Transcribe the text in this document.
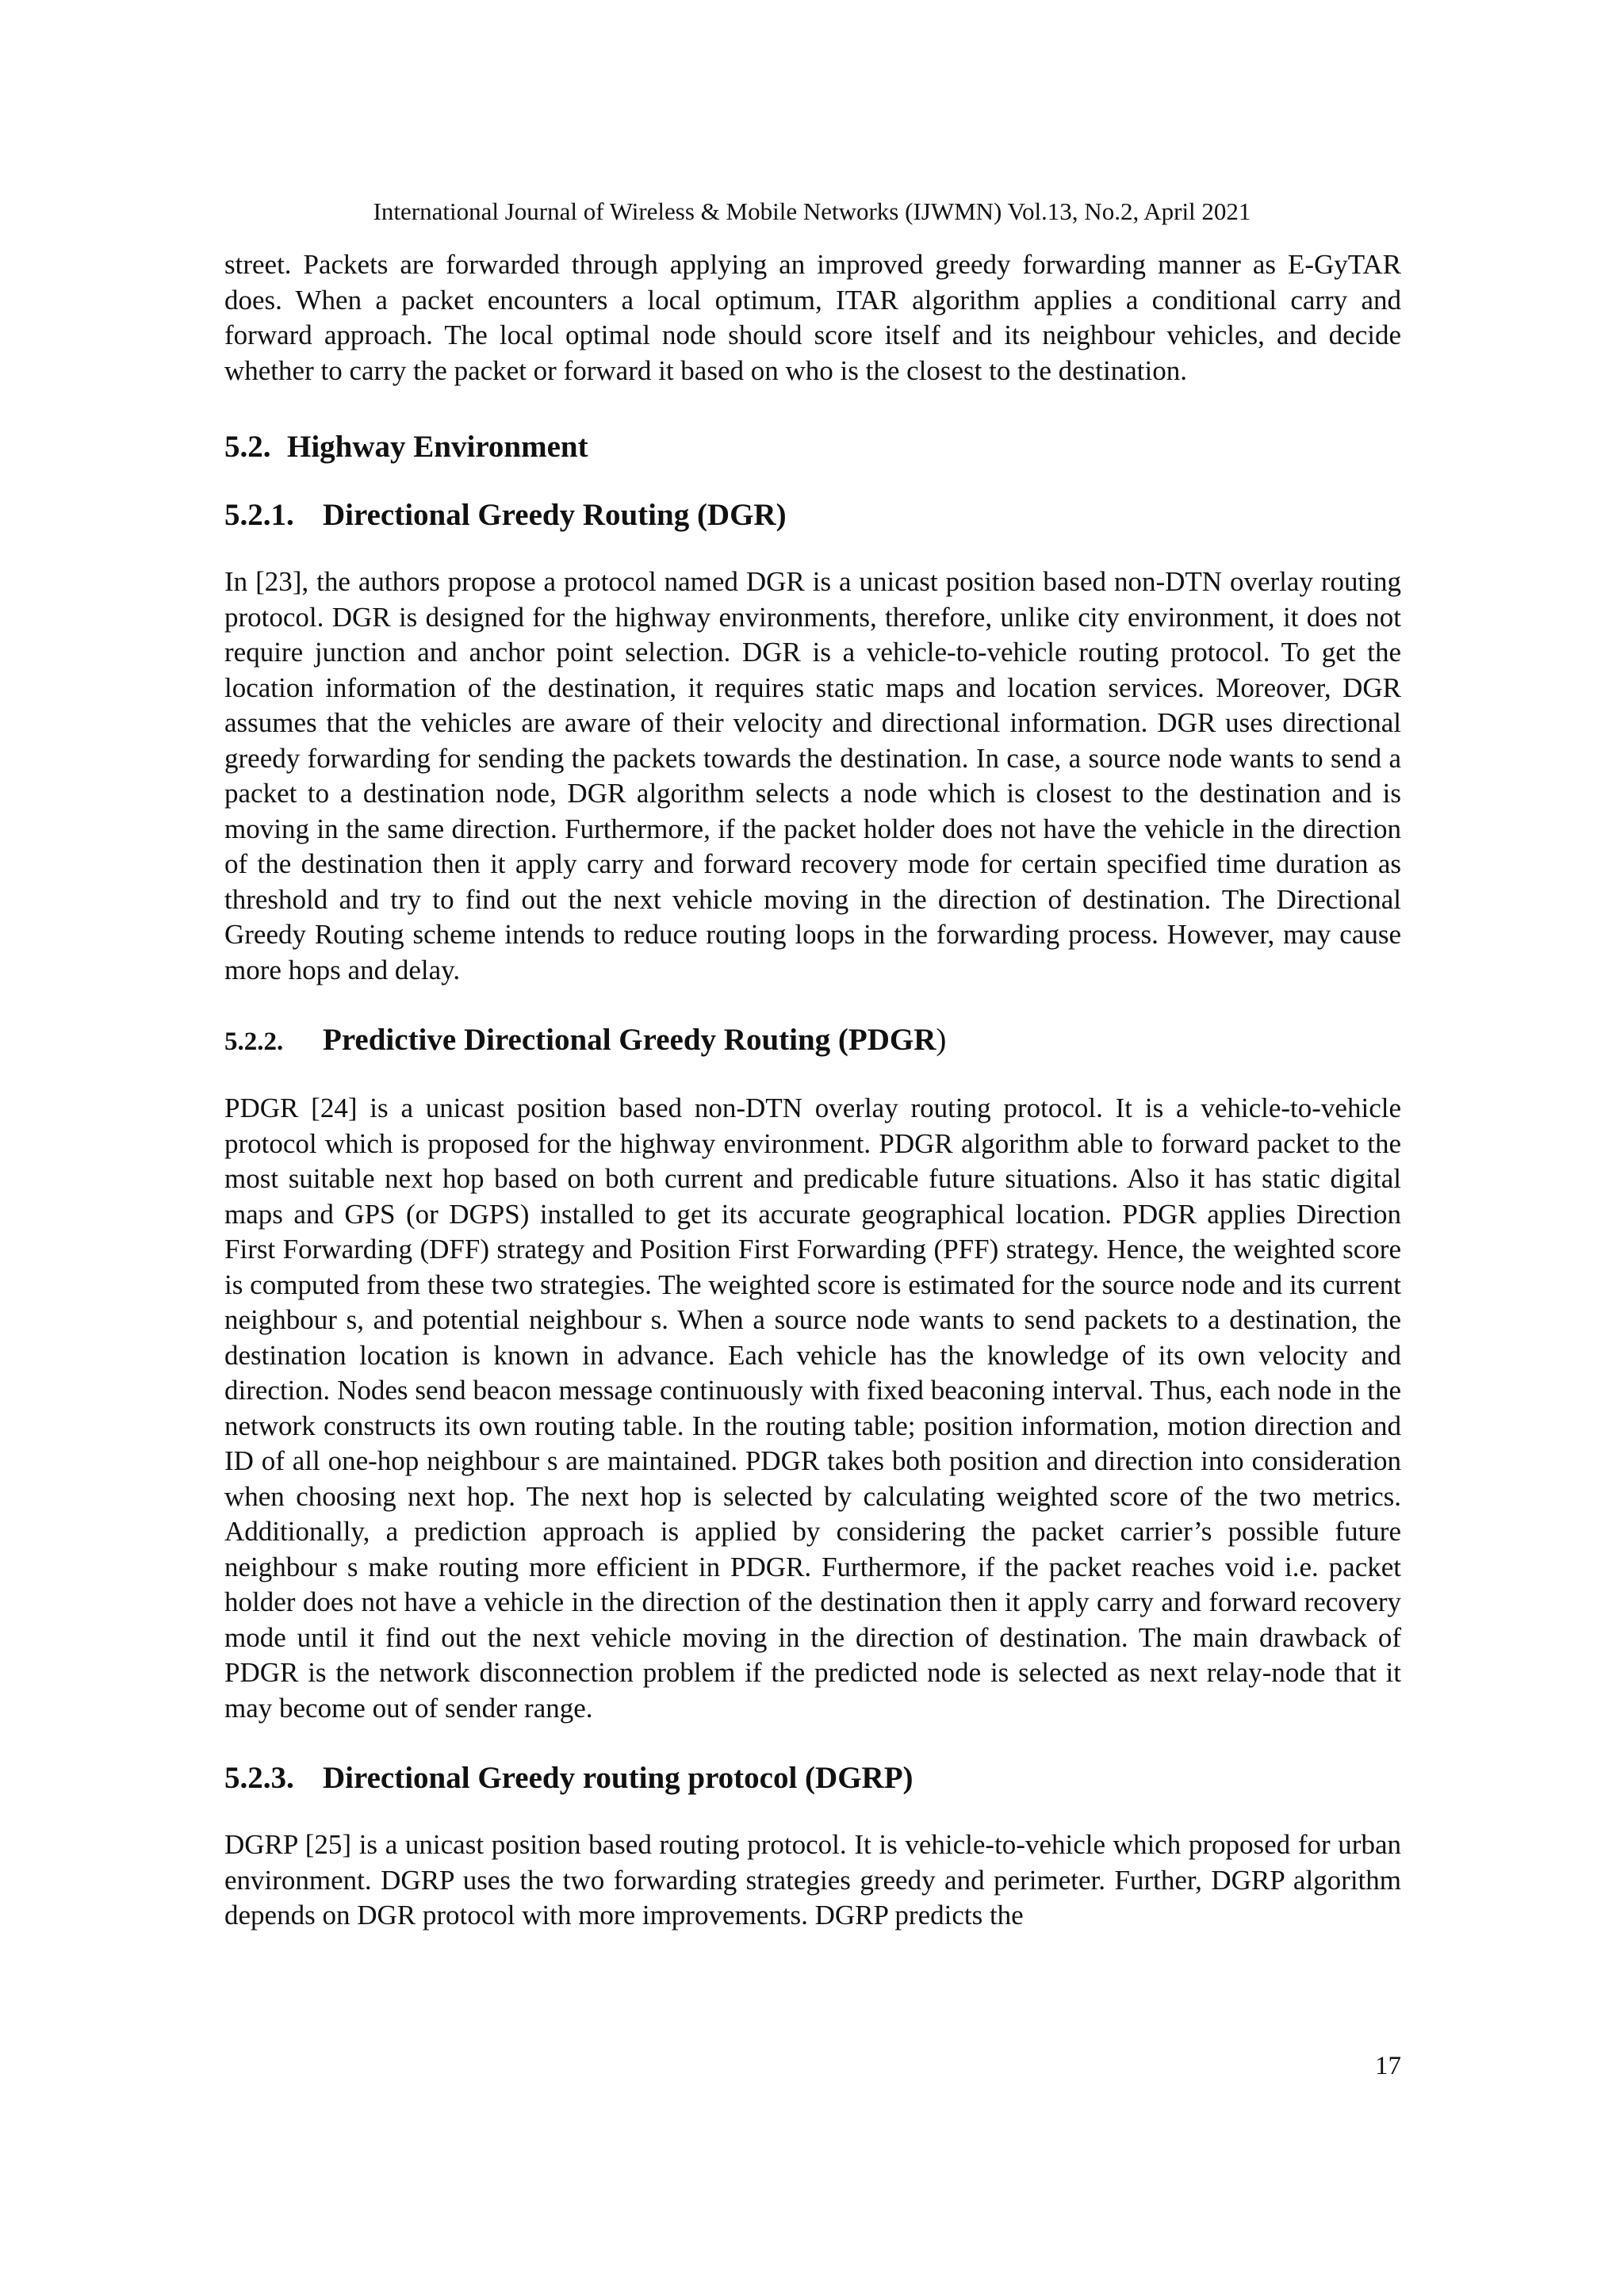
International Journal of Wireless & Mobile Networks (IJWMN) Vol.13, No.2, April 2021

street. Packets are forwarded through applying an improved greedy forwarding manner as E-GyTAR does. When a packet encounters a local optimum, ITAR algorithm applies a conditional carry and forward approach. The local optimal node should score itself and its neighbour vehicles, and decide whether to carry the packet or forward it based on who is the closest to the destination.

5.2. Highway Environment
5.2.1. Directional Greedy Routing (DGR)

In [23], the authors propose a protocol named DGR is a unicast position based non-DTN overlay routing protocol. DGR is designed for the highway environments, therefore, unlike city environment, it does not require junction and anchor point selection. DGR is a vehicle-to-vehicle routing protocol. To get the location information of the destination, it requires static maps and location services. Moreover, DGR assumes that the vehicles are aware of their velocity and directional information. DGR uses directional greedy forwarding for sending the packets towards the destination. In case, a source node wants to send a packet to a destination node, DGR algorithm selects a node which is closest to the destination and is moving in the same direction. Furthermore, if the packet holder does not have the vehicle in the direction of the destination then it apply carry and forward recovery mode for certain specified time duration as threshold and try to find out the next vehicle moving in the direction of destination. The Directional Greedy Routing scheme intends to reduce routing loops in the forwarding process. However, may cause more hops and delay.

5.2.2. Predictive Directional Greedy Routing (PDGR)

PDGR [24] is a unicast position based non-DTN overlay routing protocol. It is a vehicle-to-vehicle protocol which is proposed for the highway environment. PDGR algorithm able to forward packet to the most suitable next hop based on both current and predicable future situations. Also it has static digital maps and GPS (or DGPS) installed to get its accurate geographical location. PDGR applies Direction First Forwarding (DFF) strategy and Position First Forwarding (PFF) strategy. Hence, the weighted score is computed from these two strategies. The weighted score is estimated for the source node and its current neighbour s, and potential neighbour s. When a source node wants to send packets to a destination, the destination location is known in advance. Each vehicle has the knowledge of its own velocity and direction. Nodes send beacon message continuously with fixed beaconing interval. Thus, each node in the network constructs its own routing table. In the routing table; position information, motion direction and ID of all one-hop neighbour s are maintained. PDGR takes both position and direction into consideration when choosing next hop. The next hop is selected by calculating weighted score of the two metrics. Additionally, a prediction approach is applied by considering the packet carrier’s possible future neighbour s make routing more efficient in PDGR. Furthermore, if the packet reaches void i.e. packet holder does not have a vehicle in the direction of the destination then it apply carry and forward recovery mode until it find out the next vehicle moving in the direction of destination. The main drawback of PDGR is the network disconnection problem if the predicted node is selected as next relay-node that it may become out of sender range.

5.2.3. Directional Greedy routing protocol (DGRP)

DGRP [25] is a unicast position based routing protocol. It is vehicle-to-vehicle which proposed for urban environment. DGRP uses the two forwarding strategies greedy and perimeter. Further, DGRP algorithm depends on DGR protocol with more improvements. DGRP predicts the

17
